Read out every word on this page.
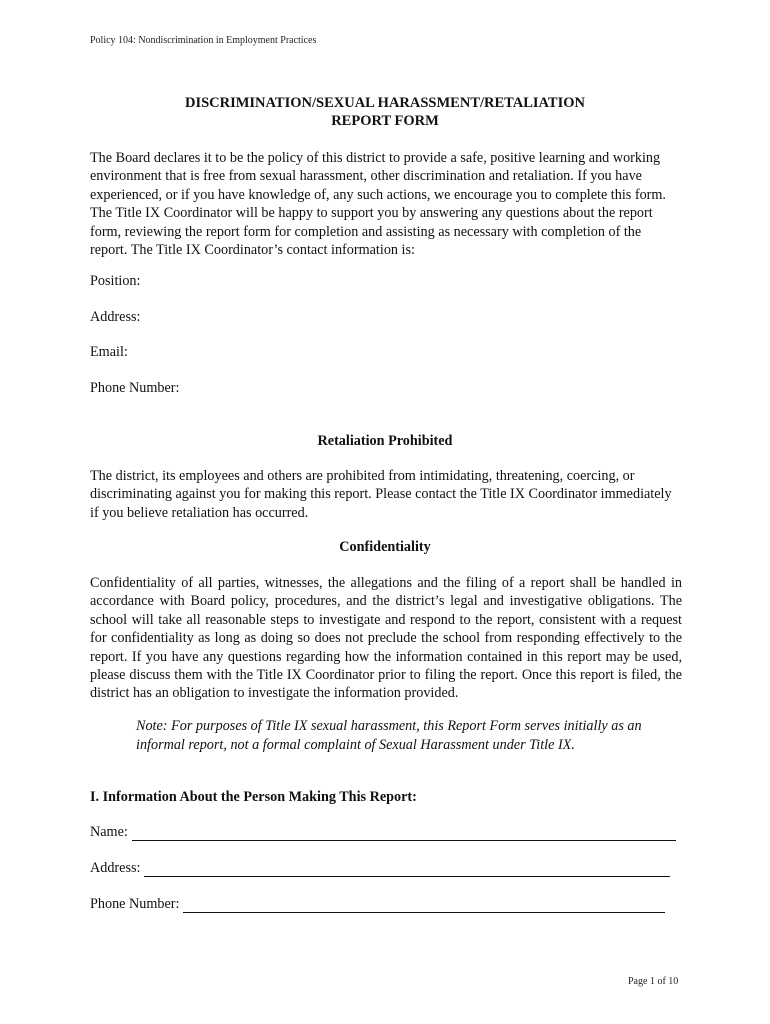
Policy 104: Nondiscrimination in Employment Practices
DISCRIMINATION/SEXUAL HARASSMENT/RETALIATION
REPORT FORM
The Board declares it to be the policy of this district to provide a safe, positive learning and working environment that is free from sexual harassment, other discrimination and retaliation. If you have experienced, or if you have knowledge of, any such actions, we encourage you to complete this form. The Title IX Coordinator will be happy to support you by answering any questions about the report form, reviewing the report form for completion and assisting as necessary with completion of the report. The Title IX Coordinator’s contact information is:
Position:
Address:
Email:
Phone Number:
Retaliation Prohibited
The district, its employees and others are prohibited from intimidating, threatening, coercing, or discriminating against you for making this report. Please contact the Title IX Coordinator immediately if you believe retaliation has occurred.
Confidentiality
Confidentiality of all parties, witnesses, the allegations and the filing of a report shall be handled in accordance with Board policy, procedures, and the district’s legal and investigative obligations. The school will take all reasonable steps to investigate and respond to the report, consistent with a request for confidentiality as long as doing so does not preclude the school from responding effectively to the report. If you have any questions regarding how the information contained in this report may be used, please discuss them with the Title IX Coordinator prior to filing the report. Once this report is filed, the district has an obligation to investigate the information provided.
Note: For purposes of Title IX sexual harassment, this Report Form serves initially as an informal report, not a formal complaint of Sexual Harassment under Title IX.
I. Information About the Person Making This Report:
Name:
Address:
Phone Number:
Page 1 of 10
